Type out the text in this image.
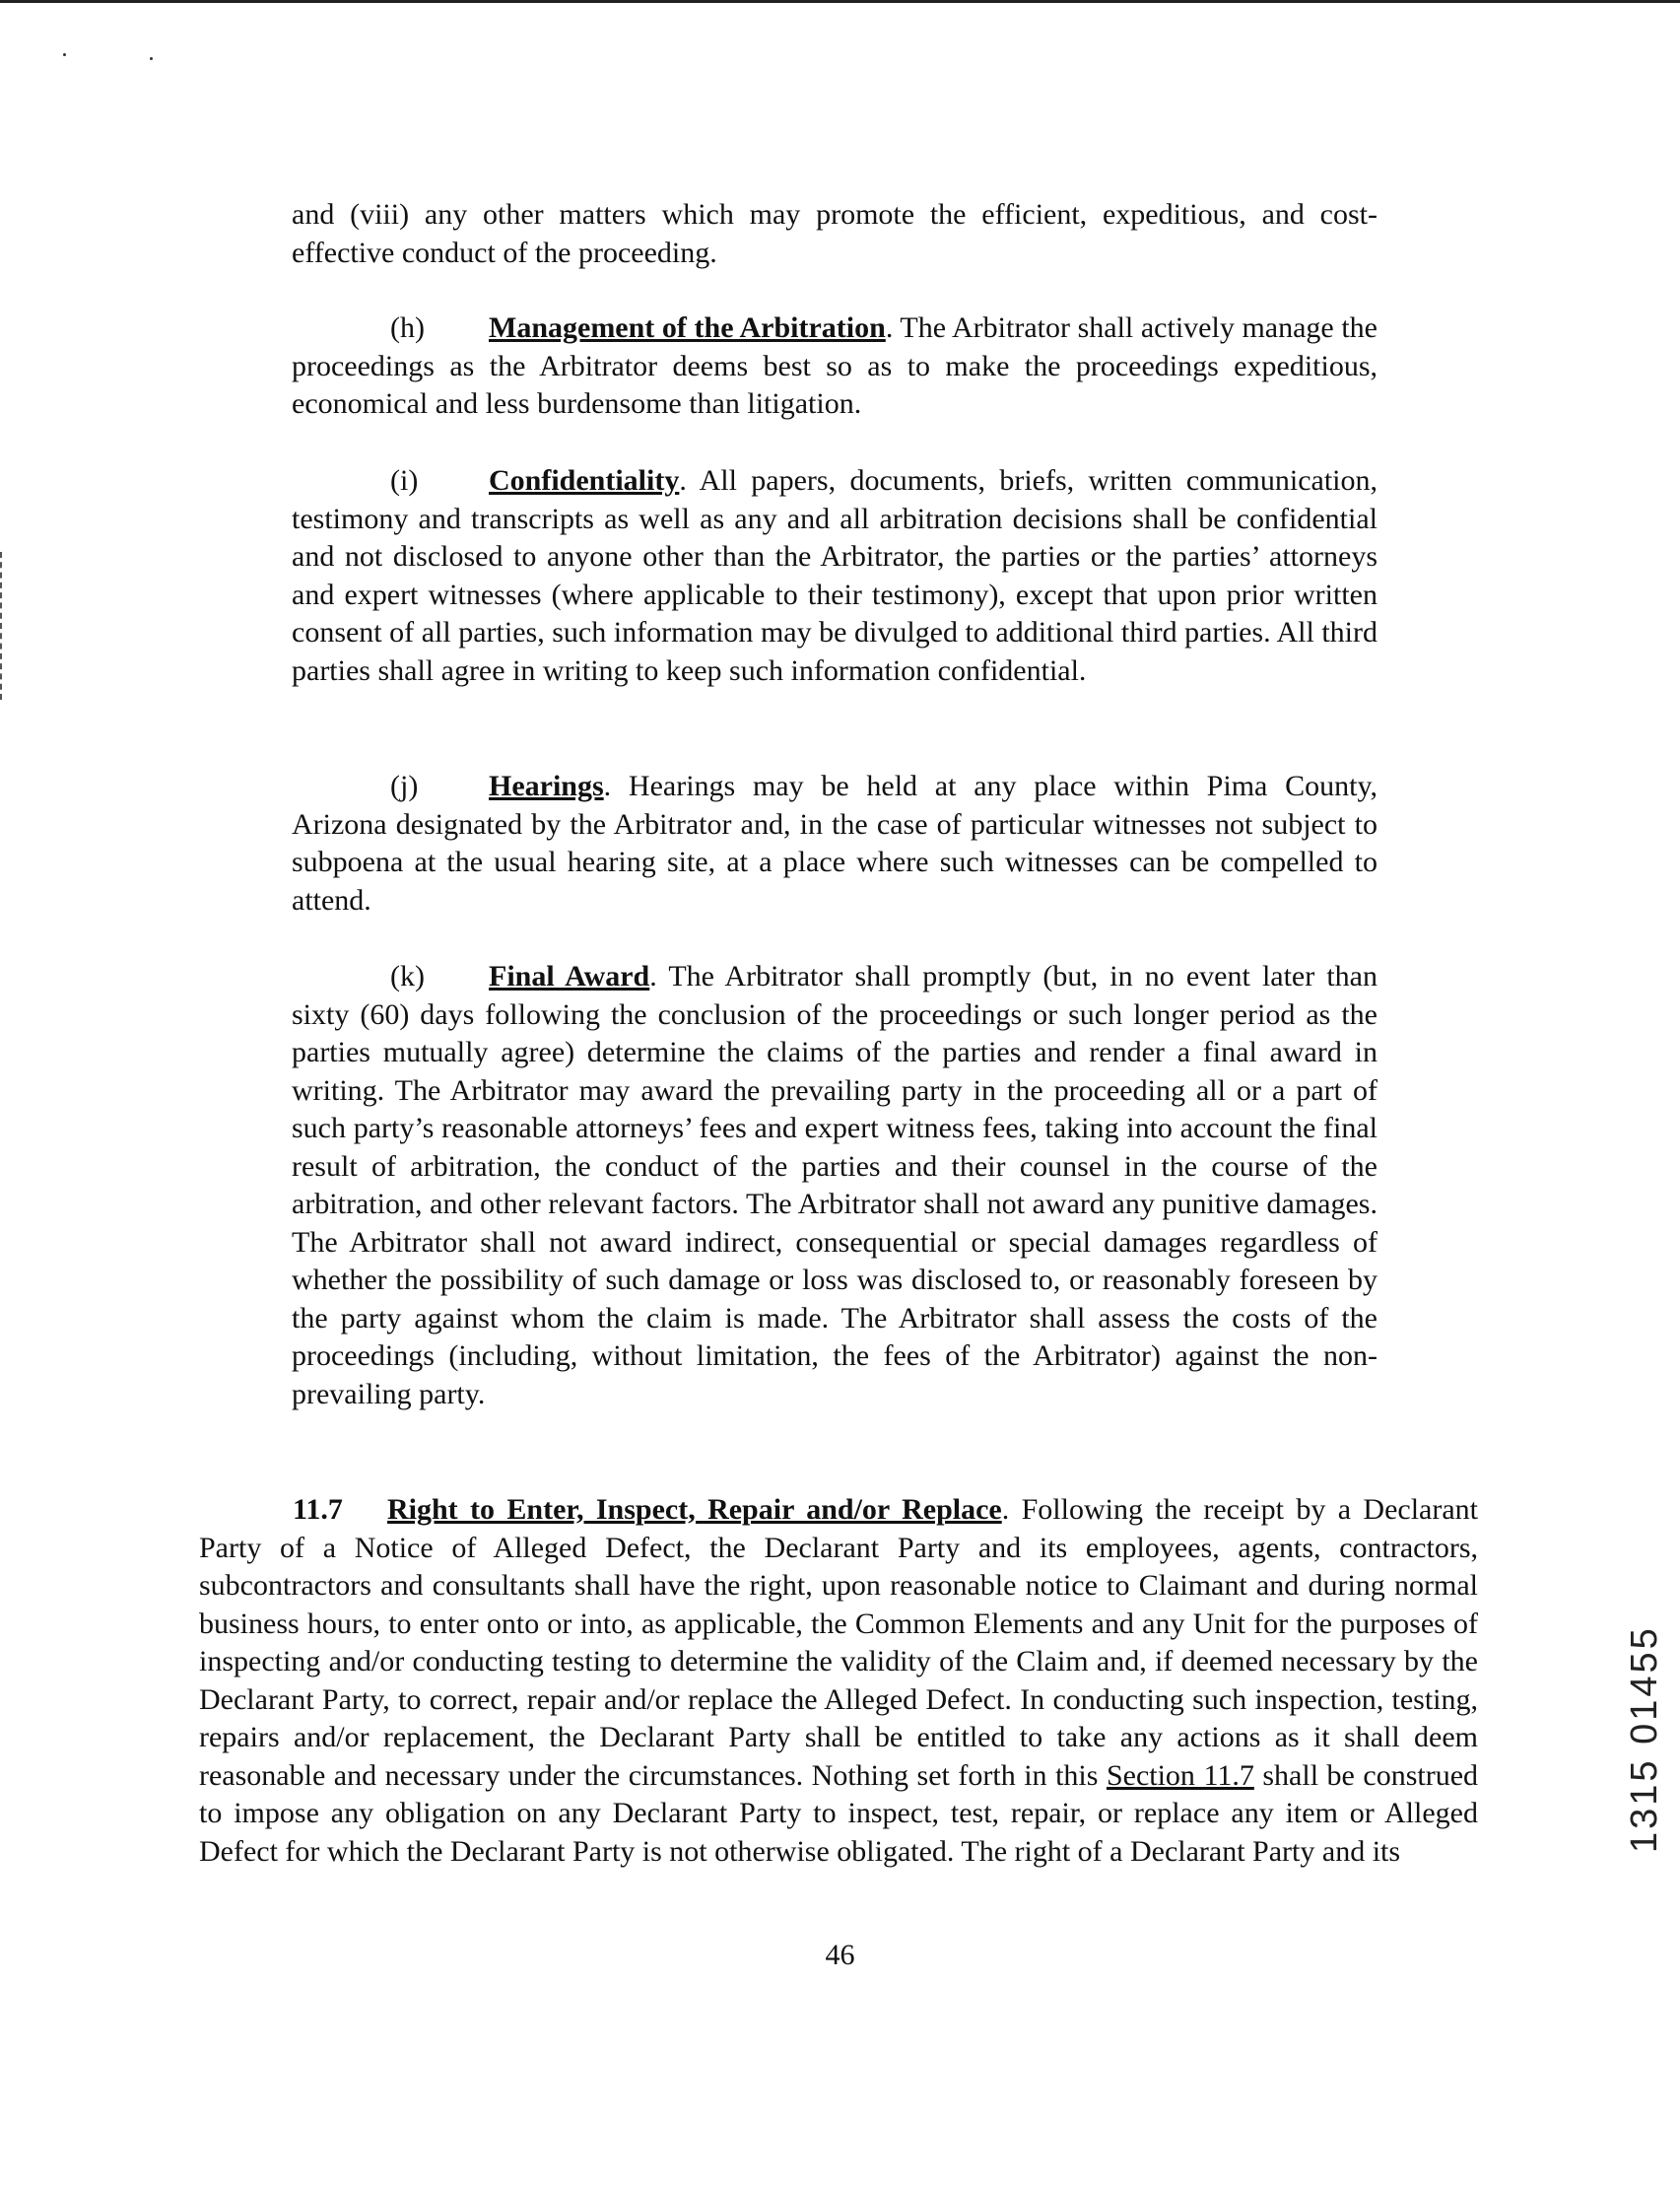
and (viii) any other matters which may promote the efficient, expeditious, and cost-effective conduct of the proceeding.

(h) Management of the Arbitration. The Arbitrator shall actively manage the proceedings as the Arbitrator deems best so as to make the proceedings expeditious, economical and less burdensome than litigation.

(i) Confidentiality. All papers, documents, briefs, written communication, testimony and transcripts as well as any and all arbitration decisions shall be confidential and not disclosed to anyone other than the Arbitrator, the parties or the parties’ attorneys and expert witnesses (where applicable to their testimony), except that upon prior written consent of all parties, such information may be divulged to additional third parties. All third parties shall agree in writing to keep such information confidential.

(j) Hearings. Hearings may be held at any place within Pima County, Arizona designated by the Arbitrator and, in the case of particular witnesses not subject to subpoena at the usual hearing site, at a place where such witnesses can be compelled to attend.

(k) Final Award. The Arbitrator shall promptly (but, in no event later than sixty (60) days following the conclusion of the proceedings or such longer period as the parties mutually agree) determine the claims of the parties and render a final award in writing. The Arbitrator may award the prevailing party in the proceeding all or a part of such party’s reasonable attorneys’ fees and expert witness fees, taking into account the final result of arbitration, the conduct of the parties and their counsel in the course of the arbitration, and other relevant factors. The Arbitrator shall not award any punitive damages. The Arbitrator shall not award indirect, consequential or special damages regardless of whether the possibility of such damage or loss was disclosed to, or reasonably foreseen by the party against whom the claim is made. The Arbitrator shall assess the costs of the proceedings (including, without limitation, the fees of the Arbitrator) against the non-prevailing party.

11.7 Right to Enter, Inspect, Repair and/or Replace. Following the receipt by a Declarant Party of a Notice of Alleged Defect, the Declarant Party and its employees, agents, contractors, subcontractors and consultants shall have the right, upon reasonable notice to Claimant and during normal business hours, to enter onto or into, as applicable, the Common Elements and any Unit for the purposes of inspecting and/or conducting testing to determine the validity of the Claim and, if deemed necessary by the Declarant Party, to correct, repair and/or replace the Alleged Defect. In conducting such inspection, testing, repairs and/or replacement, the Declarant Party shall be entitled to take any actions as it shall deem reasonable and necessary under the circumstances. Nothing set forth in this Section 11.7 shall be construed to impose any obligation on any Declarant Party to inspect, test, repair, or replace any item or Alleged Defect for which the Declarant Party is not otherwise obligated. The right of a Declarant Party and its

46
1315 01455
